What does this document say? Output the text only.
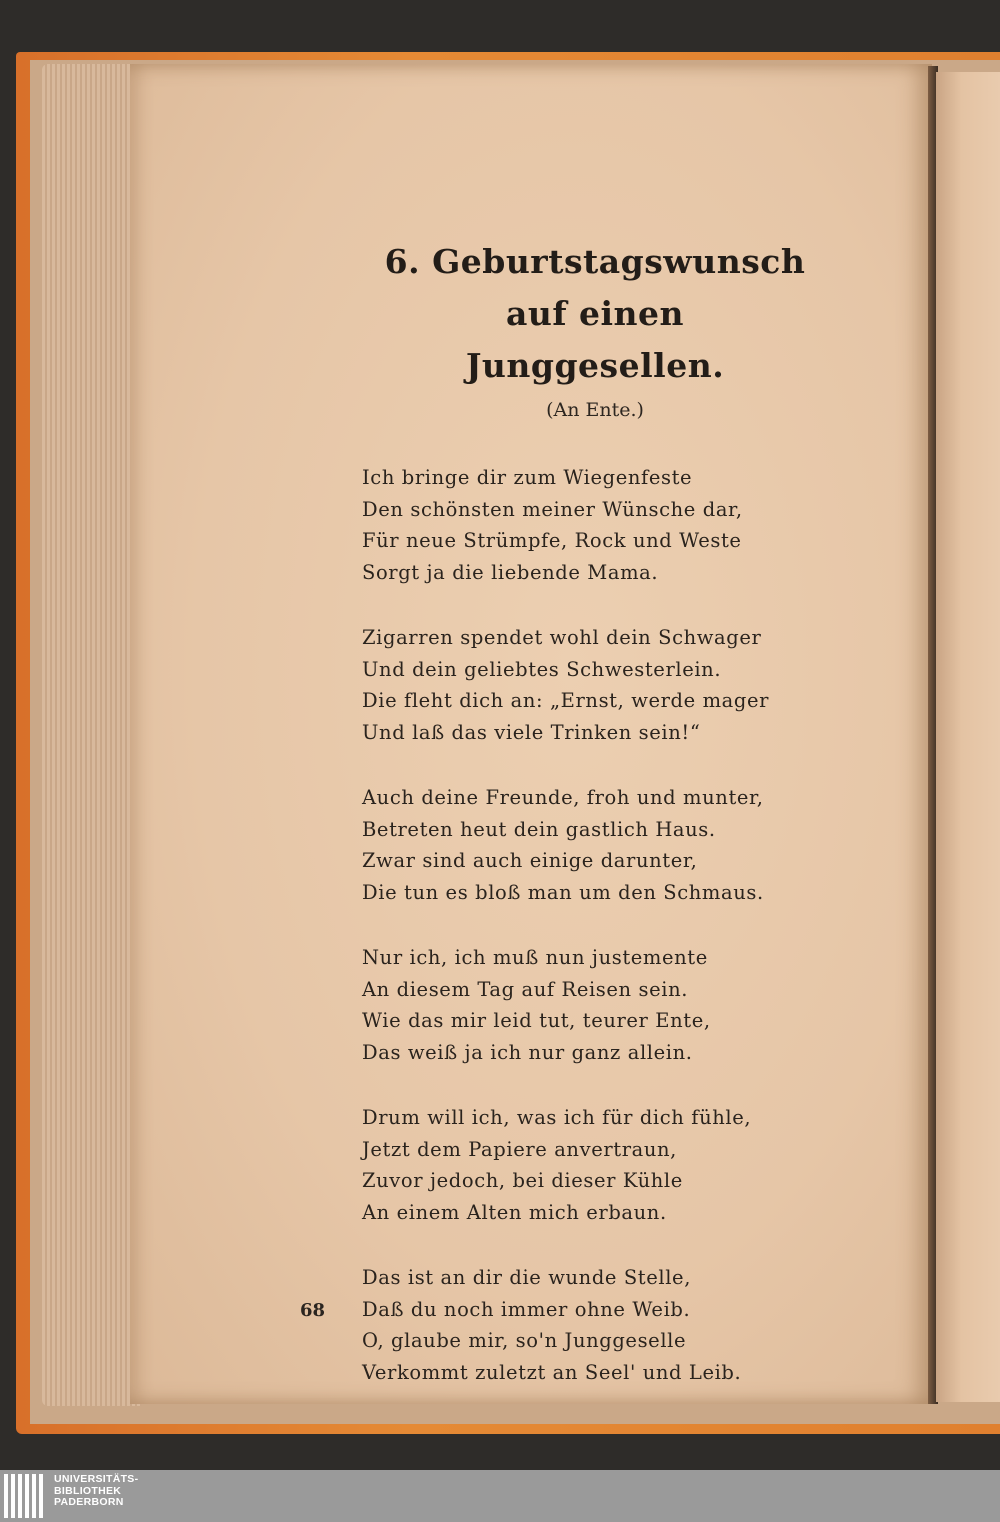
6. Geburtstagswunsch auf einen
Junggesellen.

(An Ente.)

Ich bringe dir zum Wiegenfeste
Den schönsten meiner Wünsche dar,
Für neue Strümpfe, Rock und Weste
Sorgt ja die liebende Mama.
Zigarren spendet wohl dein Schwager
Und dein geliebtes Schwesterlein.
Die fleht dich an: „Ernst, werde mager
Und laß das viele Trinken sein!“
Auch deine Freunde, froh und munter,
Betreten heut dein gastlich Haus.
Zwar sind auch einige darunter,
Die tun es bloß man um den Schmaus.
Nur ich, ich muß nun justemente
An diesem Tag auf Reisen sein.
Wie das mir leid tut, teurer Ente,
Das weiß ja ich nur ganz allein.
Drum will ich, was ich für dich fühle,
Jetzt dem Papiere anvertraun,
Zuvor jedoch, bei dieser Kühle
An einem Alten mich erbaun.
Das ist an dir die wunde Stelle,
Daß du noch immer ohne Weib.
O, glaube mir, so'n Junggeselle
Verkommt zuletzt an Seel' und Leib.

68

UNIVERSITÄTS-
BIBLIOTHEK
PADERBORN
